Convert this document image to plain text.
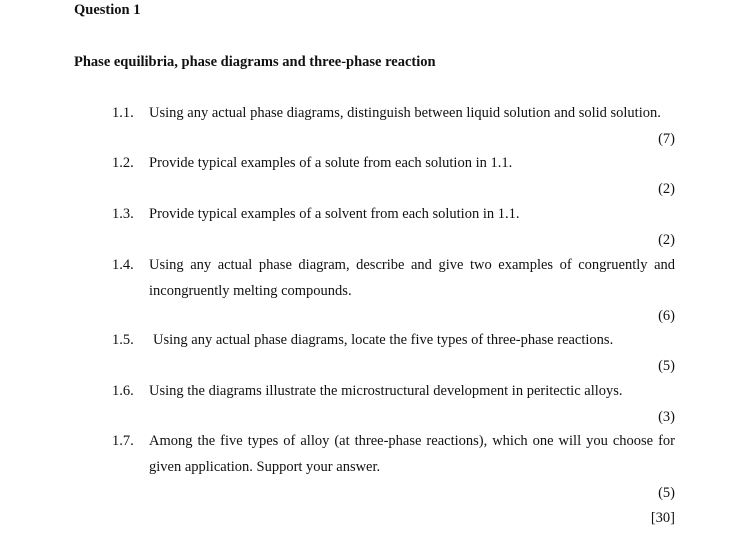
Question 1
Phase equilibria, phase diagrams and three-phase reaction
1.1. Using any actual phase diagrams, distinguish between liquid solution and solid solution.
(7)
1.2. Provide typical examples of a solute from each solution in 1.1.
(2)
1.3. Provide typical examples of a solvent from each solution in 1.1.
(2)
1.4. Using any actual phase diagram, describe and give two examples of congruently and
incongruently melting compounds.
(6)
1.5. Using any actual phase diagrams, locate the five types of three-phase reactions.
(5)
1.6. Using the diagrams illustrate the microstructural development in peritectic alloys.
(3)
1.7. Among the five types of alloy (at three-phase reactions), which one will you choose for
given application. Support your answer.
(5)
[30]
